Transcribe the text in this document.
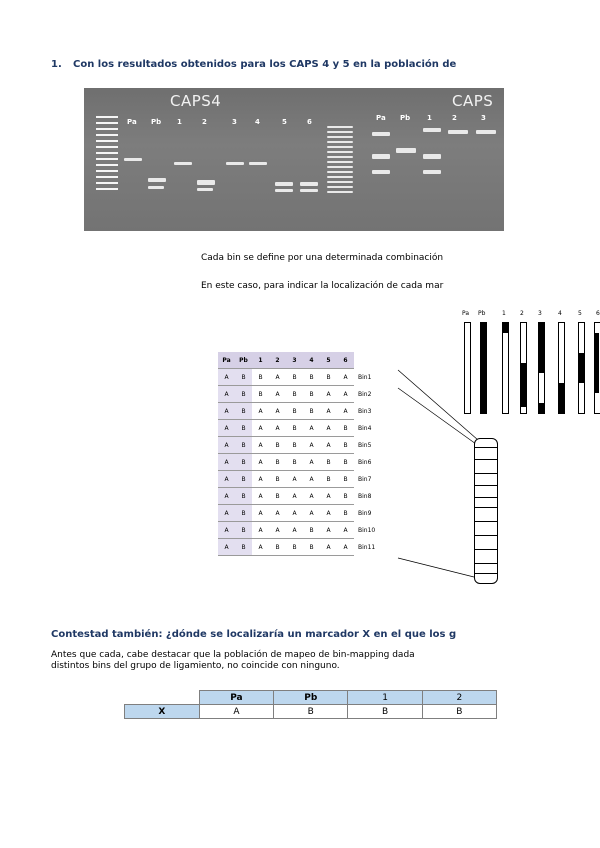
1. Con los resultados obtenidos para los CAPS 4 y 5 en la población de
CAPS4	CAPS
Pa Pb 1	2	3	4	5	6	Pa Pb 1	2	3
Cada bin se define por una determinada combinación
En este caso, para indicar la localización de cada mar
Pa Pb
Pa	Pb	1	2	3	4	5	6	
A	B	B	A	B	B	B	A	Bin1
A	B	B	A	B	B	A	A	Bin2
A	B	A	A	B	B	A	A	Bin3
A	B	A	A	B	A	A	B	Bin4
A	B	A	B	B	A	A	B	Bin5
A	B	A	B	B	A	B	B	Bin6
A	B	A	B	A	A	B	B	Bin7
A	B	A	B	A	A	A	B	Bin8
A	B	A	A	A	A	A	B	Bin9
A	B	A	A	A	B	A	A	Bin10
A	B	A	B	B	B	A	A	Bin11
Contestad también: ¿dónde se localizaría un marcador X en el que los g
Antes que cada, cabe destacar que la población de mapeo de bin-mapping dada
distintos bins del grupo de ligamiento, no coincide con ninguno.
	Pa	Pb	1	2
X	A	B	B	B
1 2 3	4	5 6
